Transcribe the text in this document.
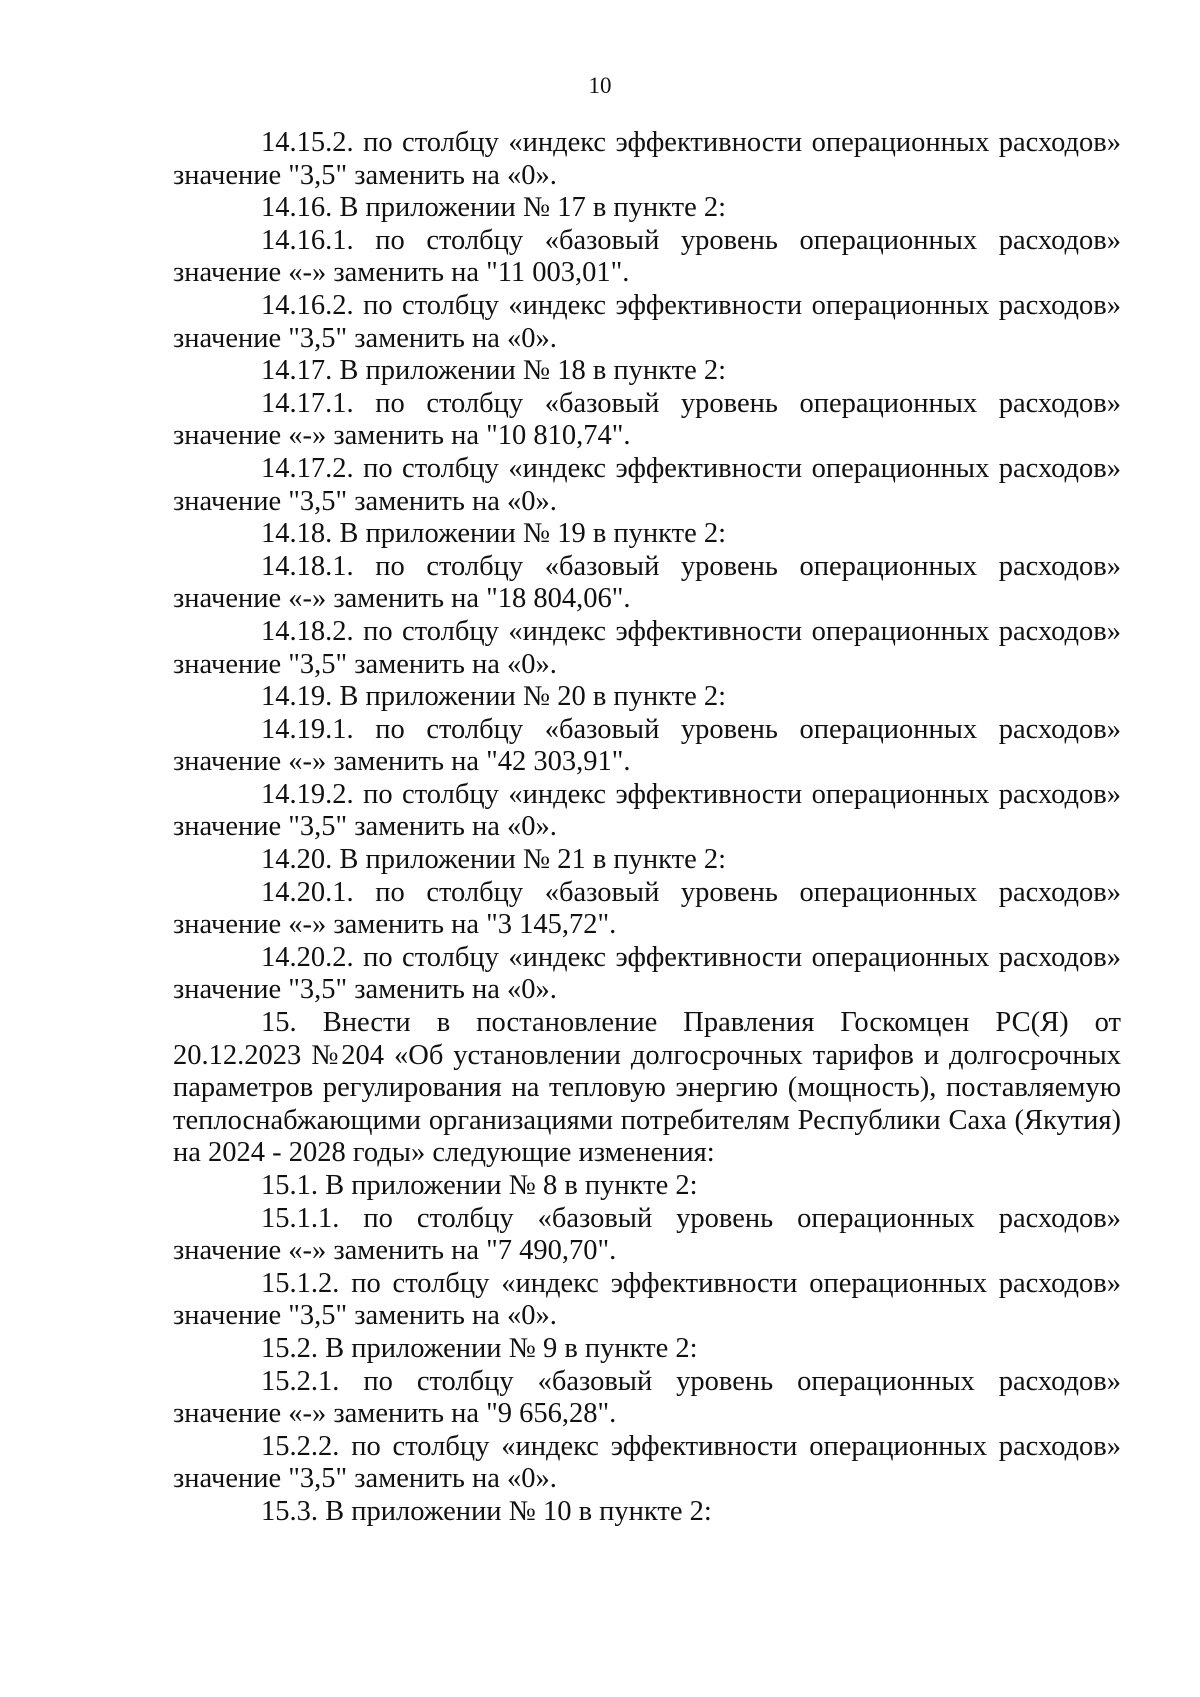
10

14.15.2. по столбцу «индекс эффективности операционных расходов» значение "3,5" заменить на «0».

14.16. В приложении № 17 в пункте 2:

14.16.1. по столбцу «базовый уровень операционных расходов» значение «-» заменить на "11 003,01".

14.16.2. по столбцу «индекс эффективности операционных расходов» значение "3,5" заменить на «0».

14.17. В приложении № 18 в пункте 2:

14.17.1. по столбцу «базовый уровень операционных расходов» значение «-» заменить на "10 810,74".

14.17.2. по столбцу «индекс эффективности операционных расходов» значение "3,5" заменить на «0».

14.18. В приложении № 19 в пункте 2:

14.18.1. по столбцу «базовый уровень операционных расходов» значение «-» заменить на "18 804,06".

14.18.2. по столбцу «индекс эффективности операционных расходов» значение "3,5" заменить на «0».

14.19. В приложении № 20 в пункте 2:

14.19.1. по столбцу «базовый уровень операционных расходов» значение «-» заменить на "42 303,91".

14.19.2. по столбцу «индекс эффективности операционных расходов» значение "3,5" заменить на «0».

14.20. В приложении № 21 в пункте 2:

14.20.1. по столбцу «базовый уровень операционных расходов» значение «-» заменить на "3 145,72".

14.20.2. по столбцу «индекс эффективности операционных расходов» значение "3,5" заменить на «0».

15. Внести в постановление Правления Госкомцен РС(Я) от 20.12.2023 №204 «Об установлении долгосрочных тарифов и долгосрочных параметров регулирования на тепловую энергию (мощность), поставляемую теплоснабжающими организациями потребителям Республики Саха (Якутия) на 2024 - 2028 годы» следующие изменения:

15.1. В приложении № 8 в пункте 2:

15.1.1. по столбцу «базовый уровень операционных расходов» значение «-» заменить на "7 490,70".

15.1.2. по столбцу «индекс эффективности операционных расходов» значение "3,5" заменить на «0».

15.2. В приложении № 9 в пункте 2:

15.2.1. по столбцу «базовый уровень операционных расходов» значение «-» заменить на "9 656,28".

15.2.2. по столбцу «индекс эффективности операционных расходов» значение "3,5" заменить на «0».

15.3. В приложении № 10 в пункте 2:
